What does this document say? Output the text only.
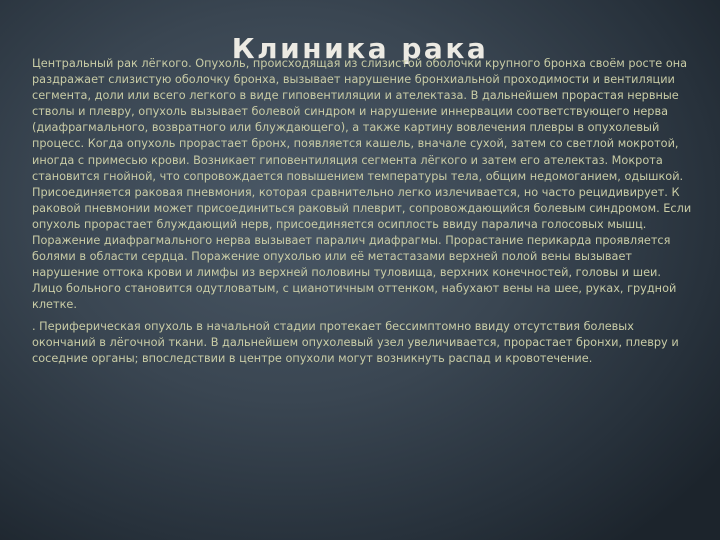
Клиника рака

Центральный рак лёгкого. Опухоль, происходящая из слизистой оболочки крупного бронха своём росте она раздражает слизистую оболочку бронха, вызывает нарушение бронхиальной проходимости и вентиляции сегмента, доли или всего легкого в виде гиповентиляции и ателектаза. В дальнейшем прорастая нервные стволы и плевру, опухоль вызывает болевой синдром и нарушение иннервации соответствующего нерва (диафрагмального, возвратного или блуждающего), а также картину вовлечения плевры в опухолевый процесс. Когда опухоль прорастает бронх, появляется кашель, вначале сухой, затем со светлой мокротой, иногда с примесью крови. Возникает гиповентиляция сегмента лёгкого и затем его ателектаз. Мокрота становится гнойной, что сопровождается повышением температуры тела, общим недомоганием, одышкой. Присоединяется раковая пневмония, которая сравнительно легко излечивается, но часто рецидивирует. К раковой пневмонии может присоединиться раковый плеврит, сопровождающийся болевым синдромом. Если опухоль прорастает блуждающий нерв, присоединяется осиплость ввиду паралича голосовых мышц. Поражение диафрагмального нерва вызывает паралич диафрагмы. Прорастание перикарда проявляется болями в области сердца. Поражение опухолью или её метастазами верхней полой вены вызывает нарушение оттока крови и лимфы из верхней половины туловища, верхних конечностей, головы и шеи. Лицо больного становится одутловатым, с цианотичным оттенком, набухают вены на шее, руках, грудной клетке.

. Периферическая опухоль в начальной стадии протекает бессимптомно ввиду отсутствия болевых окончаний в лёгочной ткани. В дальнейшем опухолевый узел увеличивается, прорастает бронхи, плевру и соседние органы; впоследствии в центре опухоли могут возникнуть распад и кровотечение.
